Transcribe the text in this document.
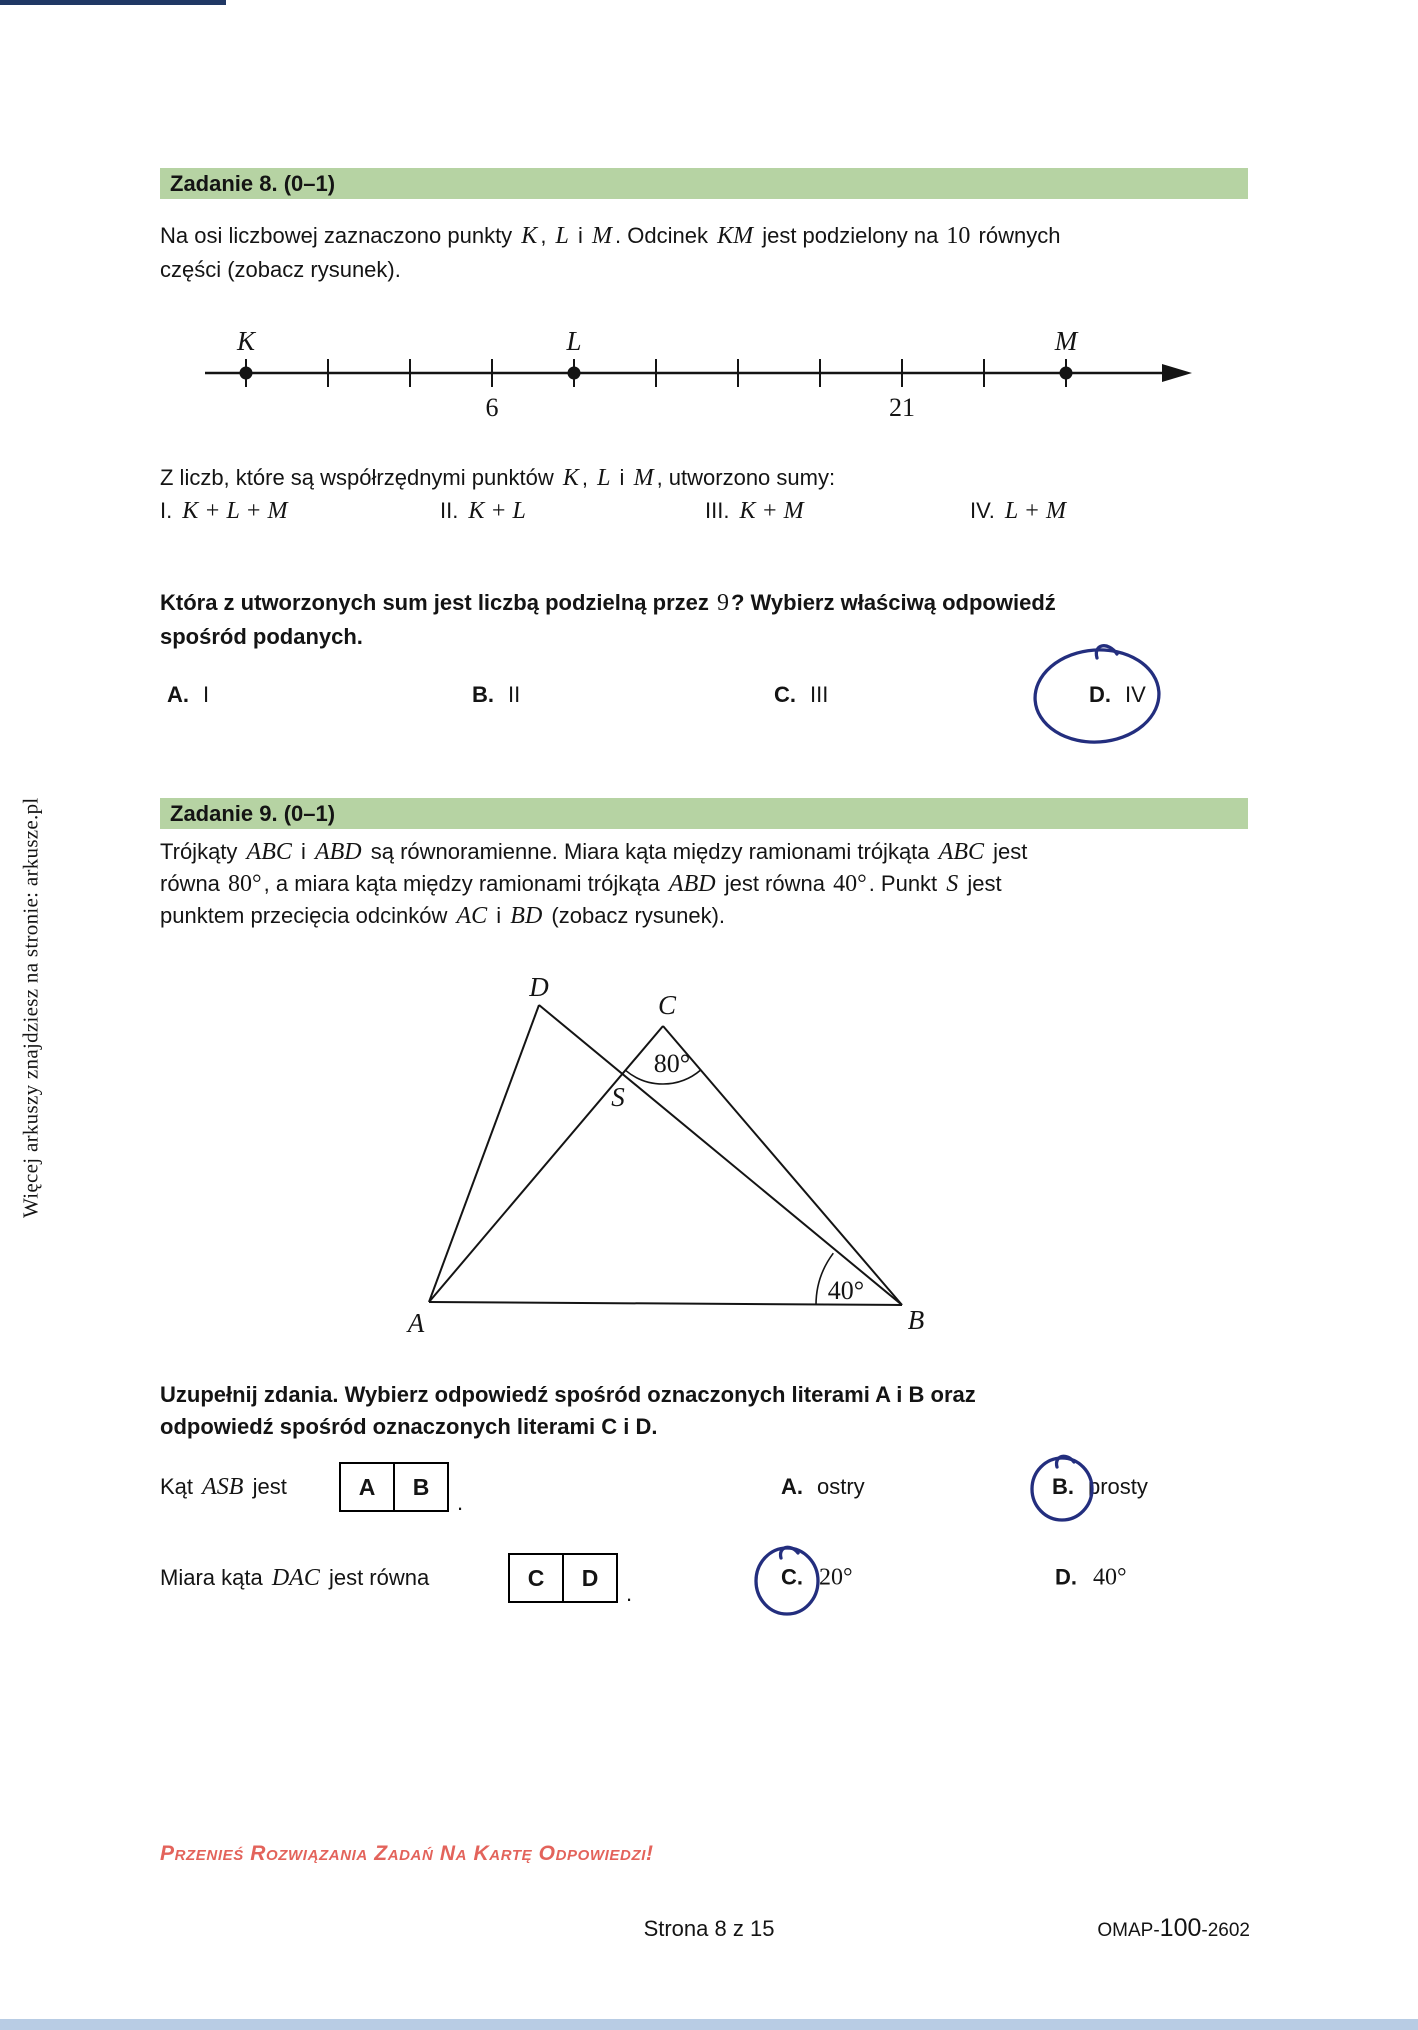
Więcej arkuszy znajdziesz na stronie: arkusze.pl
Zadanie 8. (0–1)
Na osi liczbowej zaznaczono punkty K , L i M . Odcinek KM jest podzielony na 10 równych
części (zobacz rysunek).
K	L	M
6	21
Z liczb, które są współrzędnymi punktów K , L i M , utworzono sumy:
I. K + L + M	II. K + L	III. K + M	IV. L + M
Która z utworzonych sum jest liczbą podzielną przez 9? Wybierz właściwą odpowiedź
spośród podanych.
A. I	B. II	C. III	D. IV
Zadanie 9. (0–1)
Trójkąty ABC i ABD są równoramienne. Miara kąta między ramionami trójkąta ABC jest
równa 80°, a miara kąta między ramionami trójkąta ABD jest równa 40°. Punkt S jest
punktem przecięcia odcinków AC i BD (zobacz rysunek).
D
C
S
A	B
80°
40°
Uzupełnij zdania. Wybierz odpowiedź spośród oznaczonych literami A i B oraz
odpowiedź spośród oznaczonych literami C i D.
Kąt ASB jest	A	B
.
A. ostry	B. prosty
Miara kąta DAC jest równa	C	D
.
C. 20°	D. 40°
Przenieś Rozwiązania Zadań Na Kartę Odpowiedzi!
Strona 8 z 15	OMAP-100-2602
